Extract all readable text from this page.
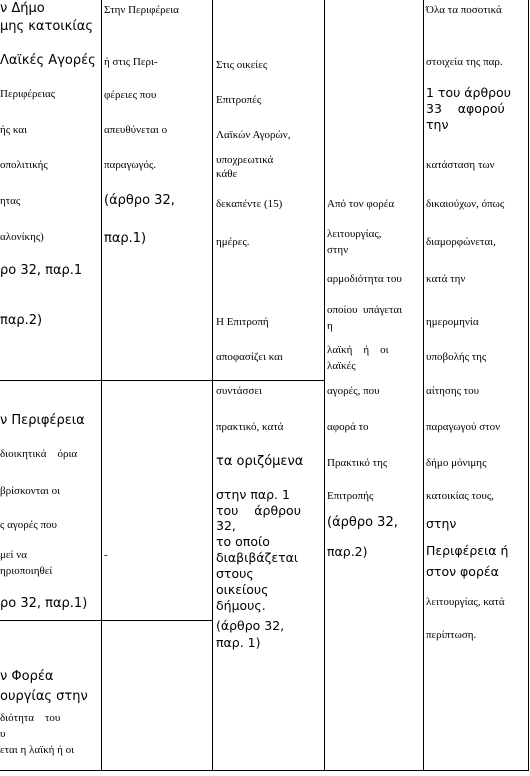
ν Δήμο
μης κατοικίας
Λαϊκές Αγορές
Περιφέρειας
ής και
οπολιτικής
ητας
αλονίκης)
ρο 32, παρ.1
παρ.2)
ν Περιφέρεια
διοικητικά    όρια
βρίσκονται οι
ς αγορές που
μεί να
ηριοποιηθεί
ρο 32, παρ.1)
ν Φορέα
ουργίας στην
διότητα    του
υ
εται η λαϊκή ή οι
Στην Περιφέρεια
ή στις Περι-
φέρειες που
απευθύνεται ο
παραγωγός.
(άρθρο 32,
παρ.1)
-
Στις οικείες
Επιτροπές
Λαϊκών Αγορών,
υποχρεωτικά
κάθε
δεκαπέντε (15)
ημέρες.
Η Επιτροπή
αποφασίζει και
συντάσσει
πρακτικό, κατά
τα οριζόμενα
στην παρ. 1
του    άρθρου
32,
το οποίο
διαβιβάζεται
στους
οικείους
δήμους.
(άρθρο 32,
παρ. 1)
Από τον φορέα
λειτουργίας,
στην
αρμοδιότητα του
οποίου  υπάγεται
η
λαϊκή    ή    οι
λαϊκές
αγορές, που
αφορά το
Πρακτικό της
Επιτροπής
(άρθρο 32,
παρ.2)
Όλα τα ποσοτικά
στοιχεία της παρ.
1 του άρθρου
33    αφορού
την
κατάσταση των
δικαιούχων, όπως
διαμορφώνεται,
κατά την
ημερομηνία
υποβολής της
αίτησης του
παραγωγού στον
δήμο μόνιμης
κατοικίας τους,
στην
Περιφέρεια ή
στον φορέα
λειτουργίας, κατά
περίπτωση.
